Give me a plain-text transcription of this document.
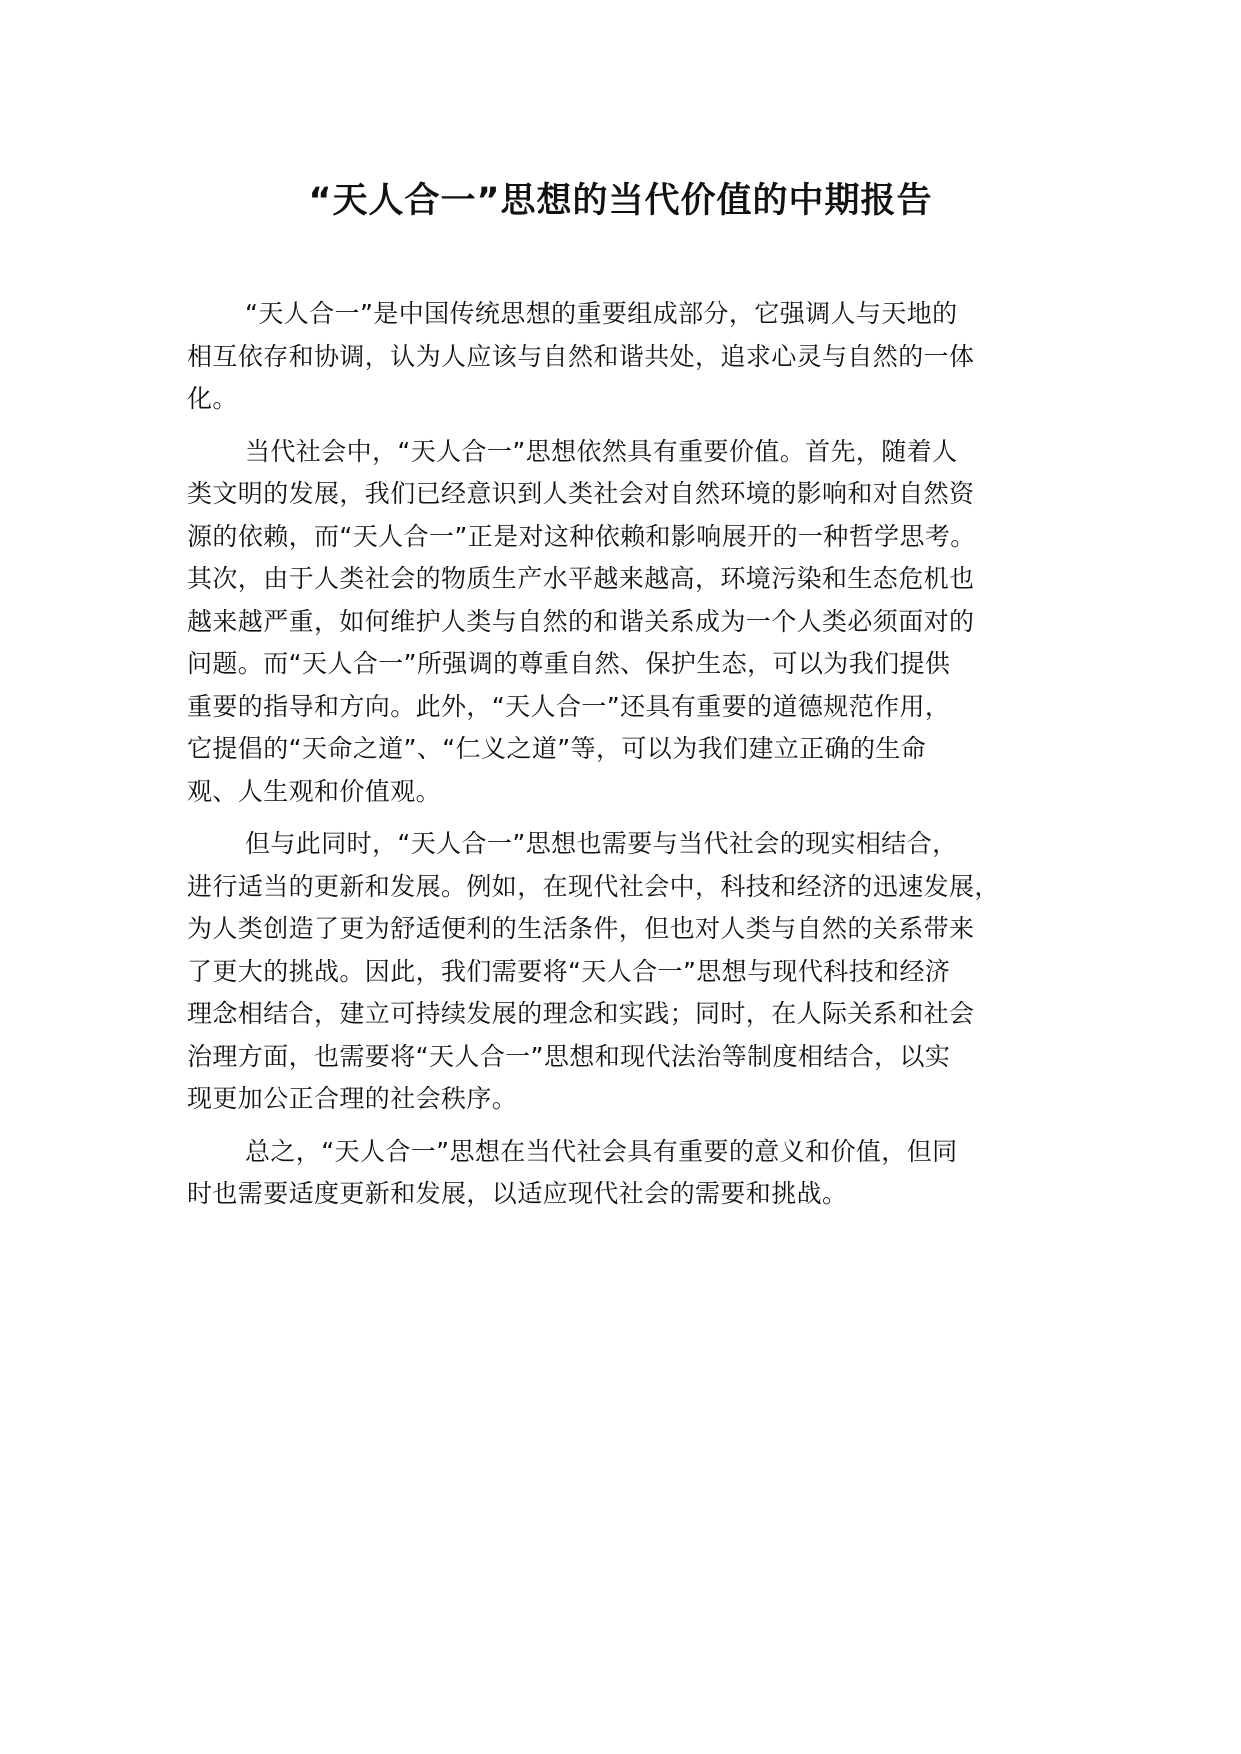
“天人合一”思想的当代价值的中期报告
“天人合一”是中国传统思想的重要组成部分，它强调人与天地的
相互依存和协调，认为人应该与自然和谐共处，追求心灵与自然的一体
化。
当代社会中，“天人合一”思想依然具有重要价值。首先，随着人
类文明的发展，我们已经意识到人类社会对自然环境的影响和对自然资
源的依赖，而“天人合一”正是对这种依赖和影响展开的一种哲学思考。
其次，由于人类社会的物质生产水平越来越高，环境污染和生态危机也
越来越严重，如何维护人类与自然的和谐关系成为一个人类必须面对的
问题。而“天人合一”所强调的尊重自然、保护生态，可以为我们提供
重要的指导和方向。此外，“天人合一”还具有重要的道德规范作用，
它提倡的“天命之道”、“仁义之道”等，可以为我们建立正确的生命
观、人生观和价值观。
但与此同时，“天人合一”思想也需要与当代社会的现实相结合，
进行适当的更新和发展。例如，在现代社会中，科技和经济的迅速发展，
为人类创造了更为舒适便利的生活条件，但也对人类与自然的关系带来
了更大的挑战。因此，我们需要将“天人合一”思想与现代科技和经济
理念相结合，建立可持续发展的理念和实践；同时，在人际关系和社会
治理方面，也需要将“天人合一”思想和现代法治等制度相结合，以实
现更加公正合理的社会秩序。
总之，“天人合一”思想在当代社会具有重要的意义和价值，但同
时也需要适度更新和发展，以适应现代社会的需要和挑战。
